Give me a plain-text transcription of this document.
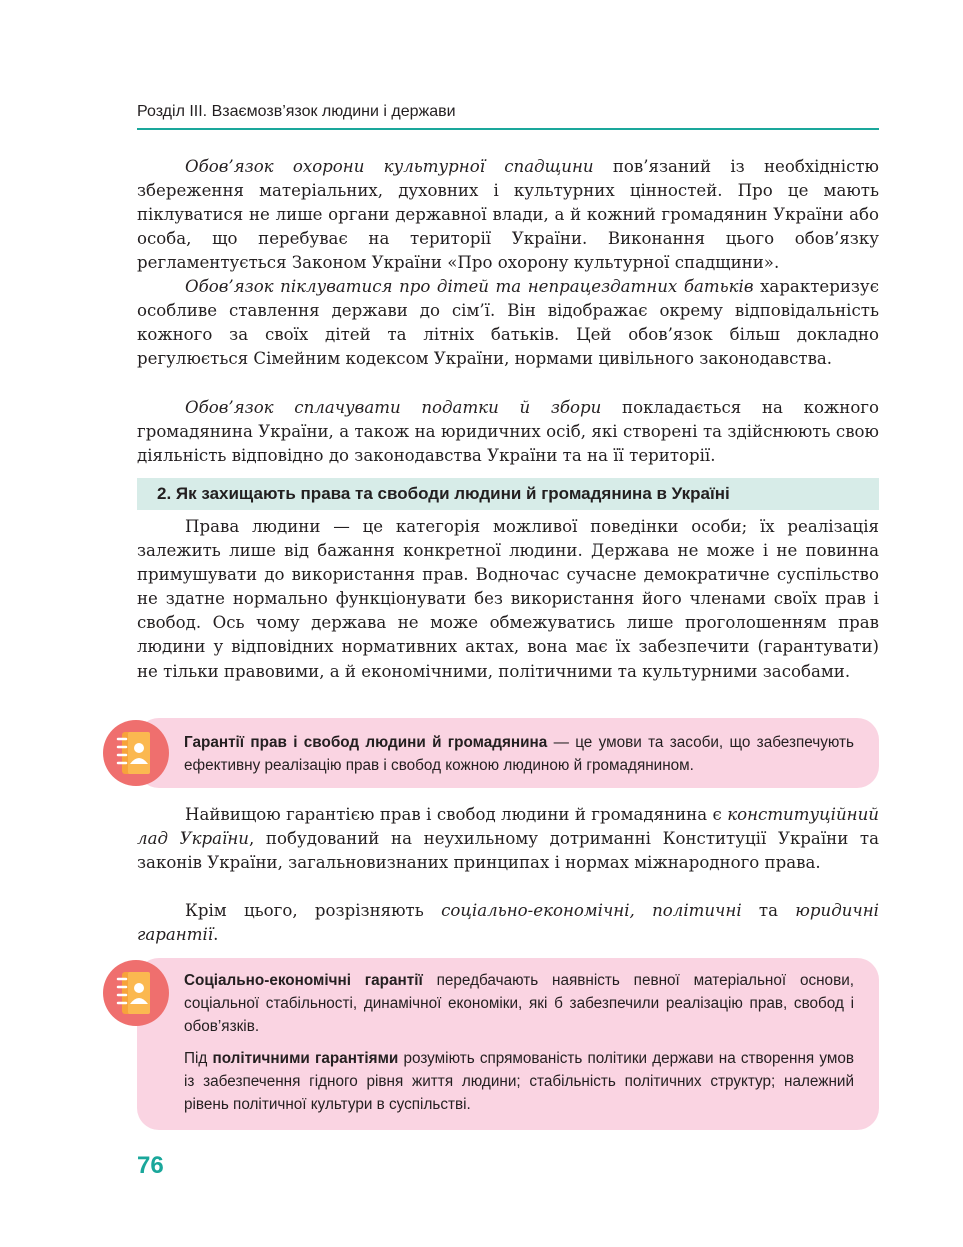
Розділ ІІІ. Взаємозв’язок людини і держави

Обов’язок охорони культурної спадщини пов’язаний із необхідністю збереження матеріальних, духовних і культурних цінностей. Про це мають піклуватися не лише органи державної влади, а й кожний громадянин України або особа, що перебуває на території України. Виконання цього обов’язку регламентується Законом України «Про охорону культурної спадщини».

Обов’язок піклуватися про дітей та непрацездатних батьків характеризує особливе ставлення держави до сім’ї. Він відображає окрему відповідальність кожного за своїх дітей та літніх батьків. Цей обов’язок більш докладно регулюється Сімейним кодексом України, нормами цивільного законодавства.

Обов’язок сплачувати податки й збори покладається на кожного громадянина України, а також на юридичних осіб, які створені та здійснюють свою діяльність відповідно до законодавства України та на її території.

2. Як захищають права та свободи людини й громадянина в Україні

Права людини — це категорія можливої поведінки особи; їх реалізація залежить лише від бажання конкретної людини. Держава не може і не повинна примушувати до використання прав. Водночас сучасне демократичне суспільство не здатне нормально функціонувати без використання його членами своїх прав і свобод. Ось чому держава не може обмежуватись лише проголошенням прав людини у відповідних нормативних актах, вона має їх забезпечити (гарантувати) не тільки правовими, а й економічними, політичними та культурними засобами.

Гарантії прав і свобод людини й громадянина — це умови та засоби, що забезпечують ефективну реалізацію прав і свобод кожною людиною й громадянином.

Найвищою гарантією прав і свобод людини й громадянина є конституційний лад України, побудований на неухильному дотриманні Конституції України та законів України, загальновизнаних принципах і нормах міжнародного права.

Крім цього, розрізняють соціально-економічні, політичні та юридичні гарантії.

Соціально-економічні гарантії передбачають наявність певної матеріальної основи, соціальної стабільності, динамічної економіки, які б забезпечили реалізацію прав, свобод і обов’язків.

Під політичними гарантіями розуміють спрямованість політики держави на створення умов із забезпечення гідного рівня життя людини; стабільність політичних структур; належний рівень політичної культури в суспільстві.

76
